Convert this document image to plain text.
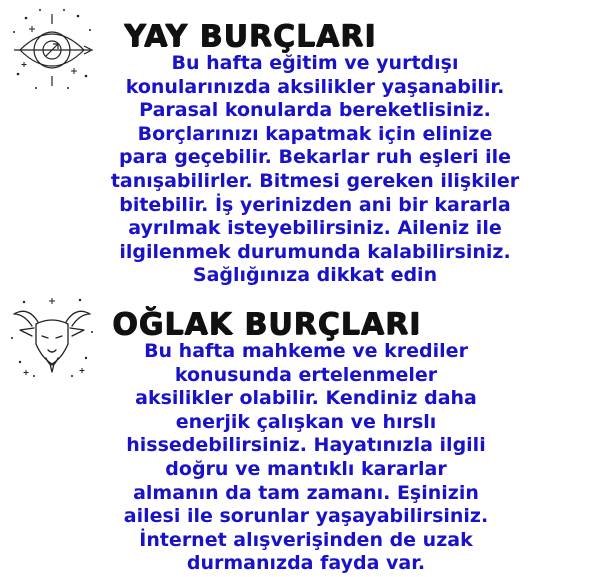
YAY BURÇLARI

Bu hafta eğitim ve yurtdışı
konularınızda aksilikler yaşanabilir.
Parasal konularda bereketlisiniz.
Borçlarınızı kapatmak için elinize
para geçebilir. Bekarlar ruh eşleri ile
tanışabilirler. Bitmesi gereken ilişkiler
bitebilir. İş yerinizden ani bir kararla
ayrılmak isteyebilirsiniz. Aileniz ile
ilgilenmek durumunda kalabilirsiniz.
Sağlığınıza dikkat edin

OĞLAK BURÇLARI

Bu hafta mahkeme ve krediler
konusunda ertelenmeler
aksilikler olabilir. Kendiniz daha
enerjik çalışkan ve hırslı
hissedebilirsiniz. Hayatınızla ilgili
doğru ve mantıklı kararlar
almanın da tam zamanı. Eşinizin
ailesi ile sorunlar yaşayabilirsiniz.
İnternet alışverişinden de uzak
durmanızda fayda var.
